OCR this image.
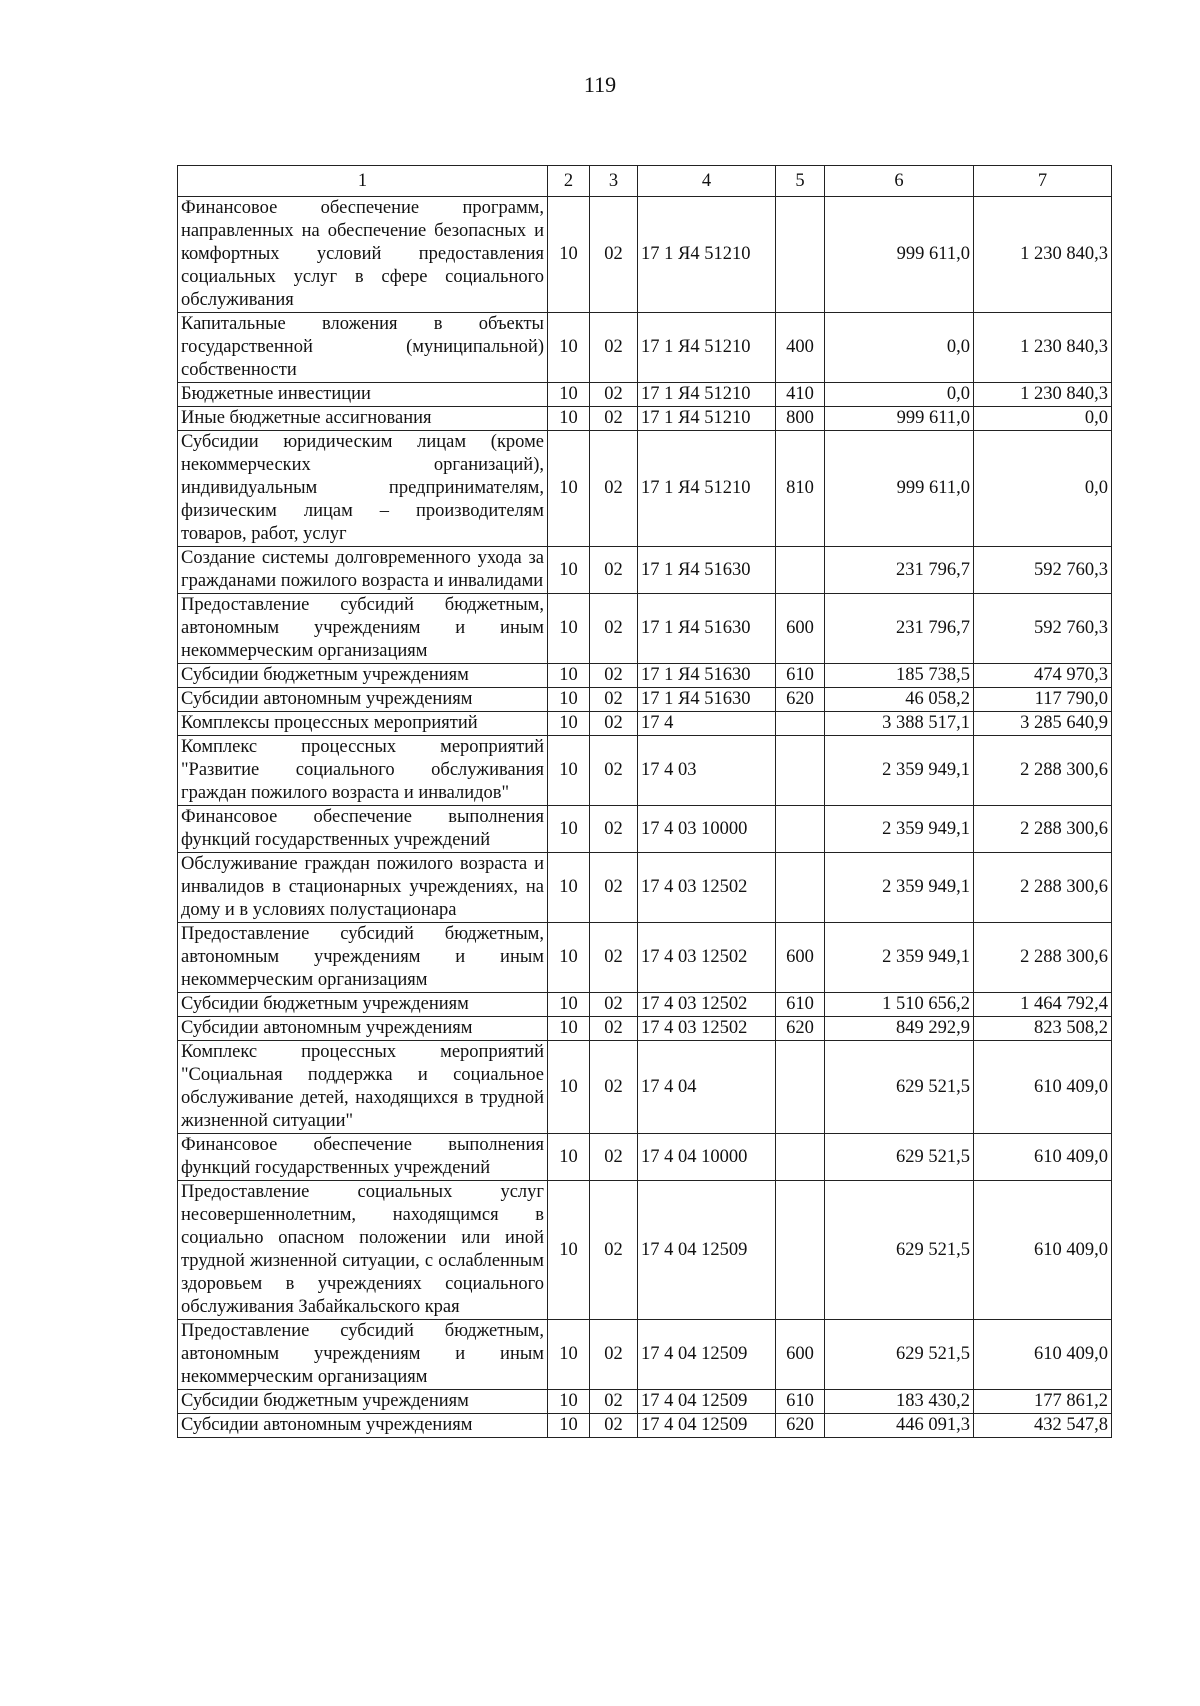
119
1	2	3	4	5	6	7
Финансовое обеспечение программ, направленных на обеспечение безопасных и комфортных условий предоставления социальных услуг в сфере социального обслуживания	10	02	17 1 Я4 51210		999 611,0	1 230 840,3
Капитальные вложения в объекты государственной (муниципальной) собственности	10	02	17 1 Я4 51210	400	0,0	1 230 840,3
Бюджетные инвестиции	10	02	17 1 Я4 51210	410	0,0	1 230 840,3
Иные бюджетные ассигнования	10	02	17 1 Я4 51210	800	999 611,0	0,0
Субсидии юридическим лицам (кроме некоммерческих организаций), индивидуальным предпринимателям, физическим лицам – производителям товаров, работ, услуг	10	02	17 1 Я4 51210	810	999 611,0	0,0
Создание системы долговременного ухода за гражданами пожилого возраста и инвалидами	10	02	17 1 Я4 51630		231 796,7	592 760,3
Предоставление субсидий бюджетным, автономным учреждениям и иным некоммерческим организациям	10	02	17 1 Я4 51630	600	231 796,7	592 760,3
Субсидии бюджетным учреждениям	10	02	17 1 Я4 51630	610	185 738,5	474 970,3
Субсидии автономным учреждениям	10	02	17 1 Я4 51630	620	46 058,2	117 790,0
Комплексы процессных мероприятий	10	02	17 4		3 388 517,1	3 285 640,9
Комплекс процессных мероприятий "Развитие социального обслуживания граждан пожилого возраста и инвалидов"	10	02	17 4 03		2 359 949,1	2 288 300,6
Финансовое обеспечение выполнения функций государственных учреждений	10	02	17 4 03 10000		2 359 949,1	2 288 300,6
Обслуживание граждан пожилого возраста и инвалидов в стационарных учреждениях, на дому и в условиях полустационара	10	02	17 4 03 12502		2 359 949,1	2 288 300,6
Предоставление субсидий бюджетным, автономным учреждениям и иным некоммерческим организациям	10	02	17 4 03 12502	600	2 359 949,1	2 288 300,6
Субсидии бюджетным учреждениям	10	02	17 4 03 12502	610	1 510 656,2	1 464 792,4
Субсидии автономным учреждениям	10	02	17 4 03 12502	620	849 292,9	823 508,2
Комплекс процессных мероприятий "Социальная поддержка и социальное обслуживание детей, находящихся в трудной жизненной ситуации"	10	02	17 4 04		629 521,5	610 409,0
Финансовое обеспечение выполнения функций государственных учреждений	10	02	17 4 04 10000		629 521,5	610 409,0
Предоставление социальных услуг несовершеннолетним, находящимся в социально опасном положении или иной трудной жизненной ситуации, с ослабленным здоровьем в учреждениях социального обслуживания Забайкальского края	10	02	17 4 04 12509		629 521,5	610 409,0
Предоставление субсидий бюджетным, автономным учреждениям и иным некоммерческим организациям	10	02	17 4 04 12509	600	629 521,5	610 409,0
Субсидии бюджетным учреждениям	10	02	17 4 04 12509	610	183 430,2	177 861,2
Субсидии автономным учреждениям	10	02	17 4 04 12509	620	446 091,3	432 547,8
